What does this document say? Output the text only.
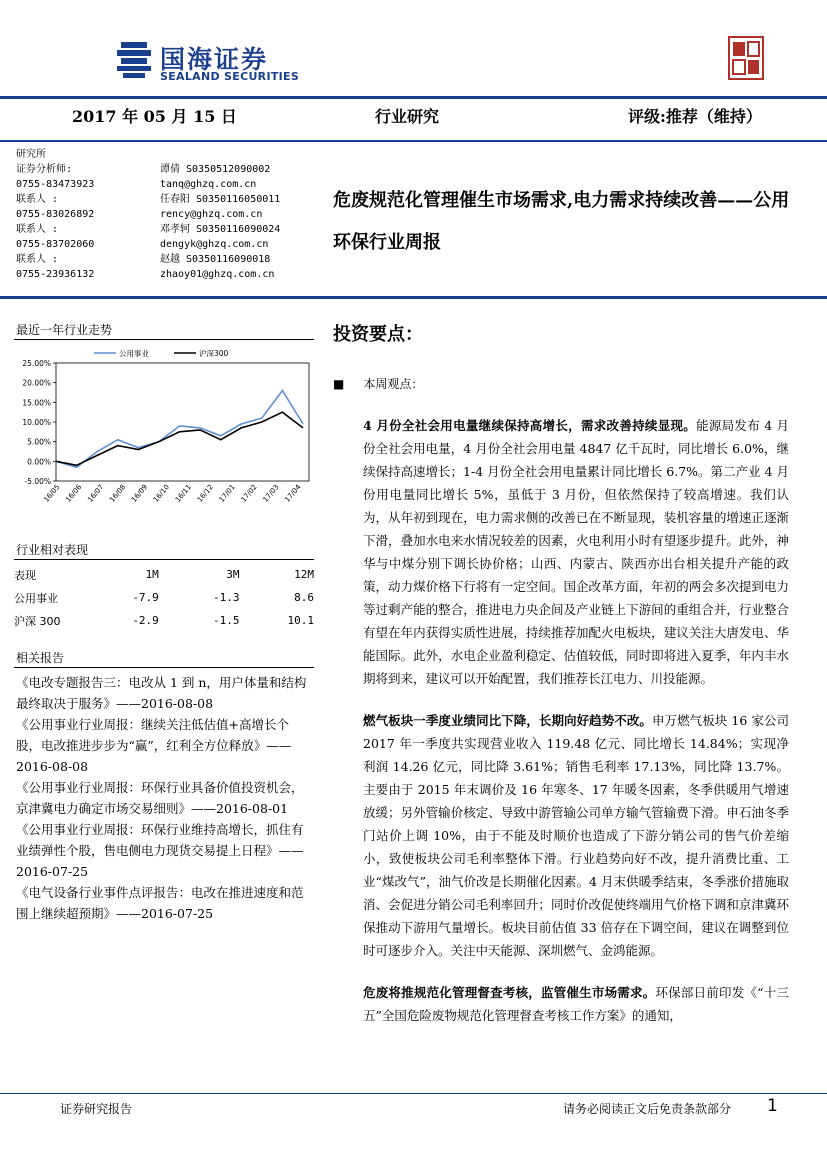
国海证券
SEALAND SECURITIES
2017 年 05 月 15 日	行业研究	评级:推荐（维持）
研究所
证券分析师:	谭倩 S0350512090002
0755-83473923	tanq@ghzq.com.cn
联系人 :	任春阳 S0350116050011
0755-83026892	rency@ghzq.com.cn
联系人 :	邓孝轲 S0350116090024
0755-83702060	dengyk@ghzq.com.cn
联系人 :	赵越 S0350116090018
0755-23936132	zhaoy01@ghzq.com.cn
危废规范化管理催生市场需求,电力需求持续改善——公用环保行业周报
最近一年行业走势
25.00%
20.00%
15.00%
10.00%
5.00%
0.00%
-5.00%
16/05 16/06 16/07 16/08 16/09 16/10 16/11 16/12 17/01 17/02 17/03 17/04
公用事业	沪深300
行业相对表现
表现	1M	3M	12M
公用事业	-7.9	-1.3	8.6
沪深 300	-2.9	-1.5	10.1
相关报告

《电改专题报告三：电改从 1 到 n，用户体量和结构最终取决于服务》——2016-08-08

《公用事业行业周报：继续关注低估值+高增长个股，电改推进步步为“赢”，红利全方位释放》——2016-08-08

《公用事业行业周报：环保行业具备价值投资机会，京津冀电力确定市场交易细则》——2016-08-01

《公用事业行业周报：环保行业维持高增长，抓住有业绩弹性个股，售电侧电力现货交易提上日程》——2016-07-25

《电气设备行业事件点评报告：电改在推进速度和范围上继续超预期》——2016-07-25

投资要点：
■ 本周观点：

4 月份全社会用电量继续保持高增长，需求改善持续显现。能源局发布 4 月份全社会用电量，4 月份全社会用电量 4847 亿千瓦时，同比增长 6.0%，继续保持高速增长；1-4 月份全社会用电量累计同比增长 6.7%。第二产业 4 月份用电量同比增长 5%，虽低于 3 月份，但依然保持了较高增速。我们认为，从年初到现在，电力需求侧的改善已在不断显现，装机容量的增速正逐渐下滑，叠加水电来水情况较差的因素，火电利用小时有望逐步提升。此外，神华与中煤分别下调长协价格；山西、内蒙古、陕西亦出台相关提升产能的政策，动力煤价格下行将有一定空间。国企改革方面，年初的两会多次提到电力等过剩产能的整合，推进电力央企间及产业链上下游间的重组合并，行业整合有望在年内获得实质性进展，持续推荐加配火电板块，建议关注大唐发电、华能国际。此外，水电企业盈利稳定、估值较低，同时即将进入夏季，年内丰水期将到来，建议可以开始配置，我们推荐长江电力、川投能源。

燃气板块一季度业绩同比下降，长期向好趋势不改。申万燃气板块 16 家公司 2017 年一季度共实现营业收入 119.48 亿元、同比增长 14.84%；实现净利润 14.26 亿元，同比降 3.61%；销售毛利率 17.13%，同比降 13.7%。主要由于 2015 年末调价及 16 年寒冬、17 年暖冬因素，冬季供暖用气增速放缓；另外管输价核定、导致中游管输公司单方输气管输费下滑。申石油冬季门站价上调 10%，由于不能及时顺价也造成了下游分销公司的售气价差缩小，致使板块公司毛利率整体下滑。行业趋势向好不改，提升消费比重、工业“煤改气”，油气价改是长期催化因素。4 月末供暖季结束，冬季涨价措施取消、会促进分销公司毛利率回升；同时价改促使终端用气价格下调和京津冀环保推动下游用气量增长。板块目前估值 33 倍存在下调空间，建议在调整到位时可逐步介入。关注中天能源、深圳燃气、金鸿能源。

危废将推规范化管理督查考核，监管催生市场需求。环保部日前印发《“十三五”全国危险废物规范化管理督查考核工作方案》的通知，

证券研究报告	请务必阅读正文后免责条款部分 1
